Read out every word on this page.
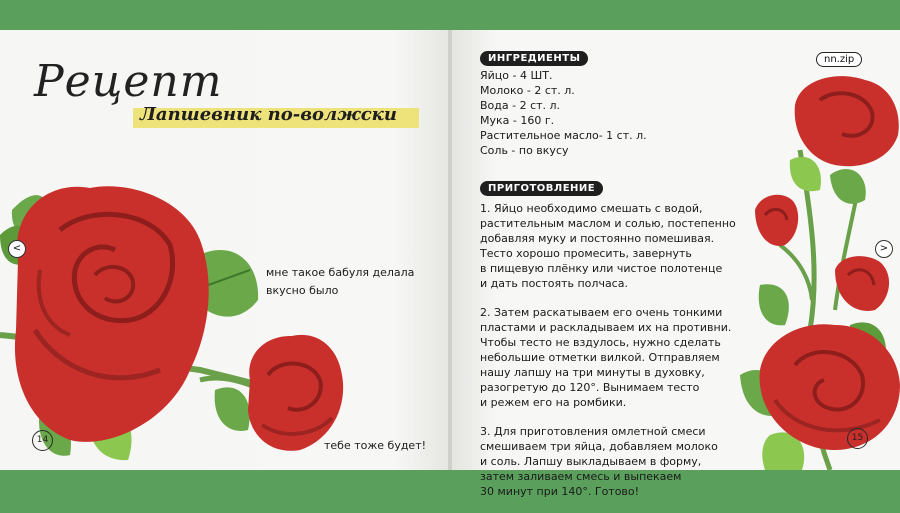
Рецепт
Лапшевник по-волжски
мне такое бабуля делала
вкусно было
тебе тоже будет!
14
<
ИНГРЕДИЕНТЫ	nn.zip
Яйцо - 4 ШТ.
Молоко - 2 ст. л.
Вода - 2 ст. л.
Мука - 160 г.
Растительное масло- 1 ст. л.
Соль - по вкусу
ПРИГОТОВЛЕНИЕ

1. Яйцо необходимо смешать с водой,
растительным маслом и солью, постепенно
добавляя муку и постоянно помешивая.
Тесто хорошо промесить, завернуть
в пищевую плёнку или чистое полотенце
и дать постоять полчаса.

2. Затем раскатываем его очень тонкими
пластами и раскладываем их на противни.
Чтобы тесто не вздулось, нужно сделать
небольшие отметки вилкой. Отправляем
нашу лапшу на три минуты в духовку,
разогретую до 120°. Вынимаем тесто
и режем его на ромбики.

3. Для приготовления омлетной смеси
смешиваем три яйца, добавляем молоко
и соль. Лапшу выкладываем в форму,
затем заливаем смесь и выпекаем
30 минут при 140°. Готово!

15
>
